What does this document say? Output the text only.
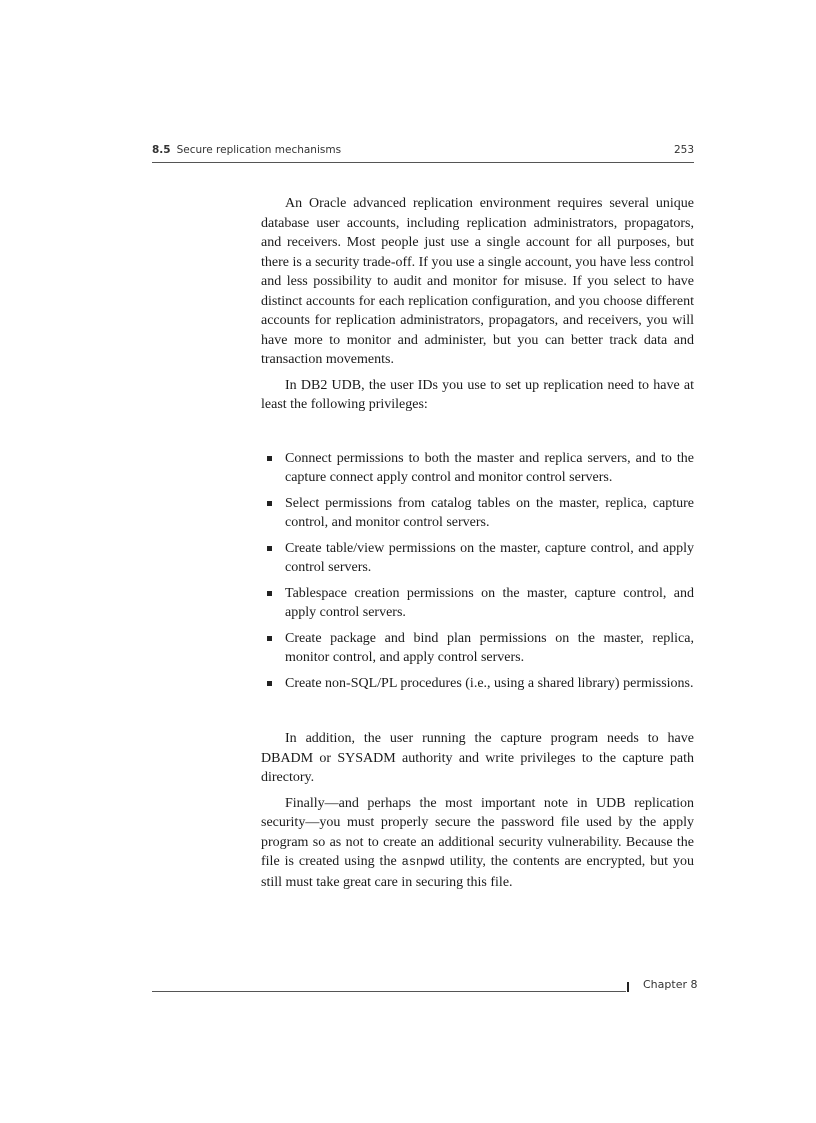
8.5 Secure replication mechanisms	253

An Oracle advanced replication environment requires several unique database user accounts, including replication administrators, propagators, and receivers. Most people just use a single account for all purposes, but there is a security trade-off. If you use a single account, you have less control and less possibility to audit and monitor for misuse. If you select to have distinct accounts for each replication configuration, and you choose different accounts for replication administrators, propagators, and receivers, you will have more to monitor and administer, but you can better track data and transaction movements.

In DB2 UDB, the user IDs you use to set up replication need to have at least the following privileges:

Connect permissions to both the master and replica servers, and to the capture connect apply control and monitor control servers.
Select permissions from catalog tables on the master, replica, capture control, and monitor control servers.
Create table/view permissions on the master, capture control, and apply control servers.
Tablespace creation permissions on the master, capture control, and apply control servers.
Create package and bind plan permissions on the master, replica, monitor control, and apply control servers.
Create non-SQL/PL procedures (i.e., using a shared library) permissions.

In addition, the user running the capture program needs to have DBADM or SYSADM authority and write privileges to the capture path directory.

Finally—and perhaps the most important note in UDB replication security—you must properly secure the password file used by the apply program so as not to create an additional security vulnerability. Because the file is created using the asnpwd utility, the contents are encrypted, but you still must take great care in securing this file.

Chapter 8
